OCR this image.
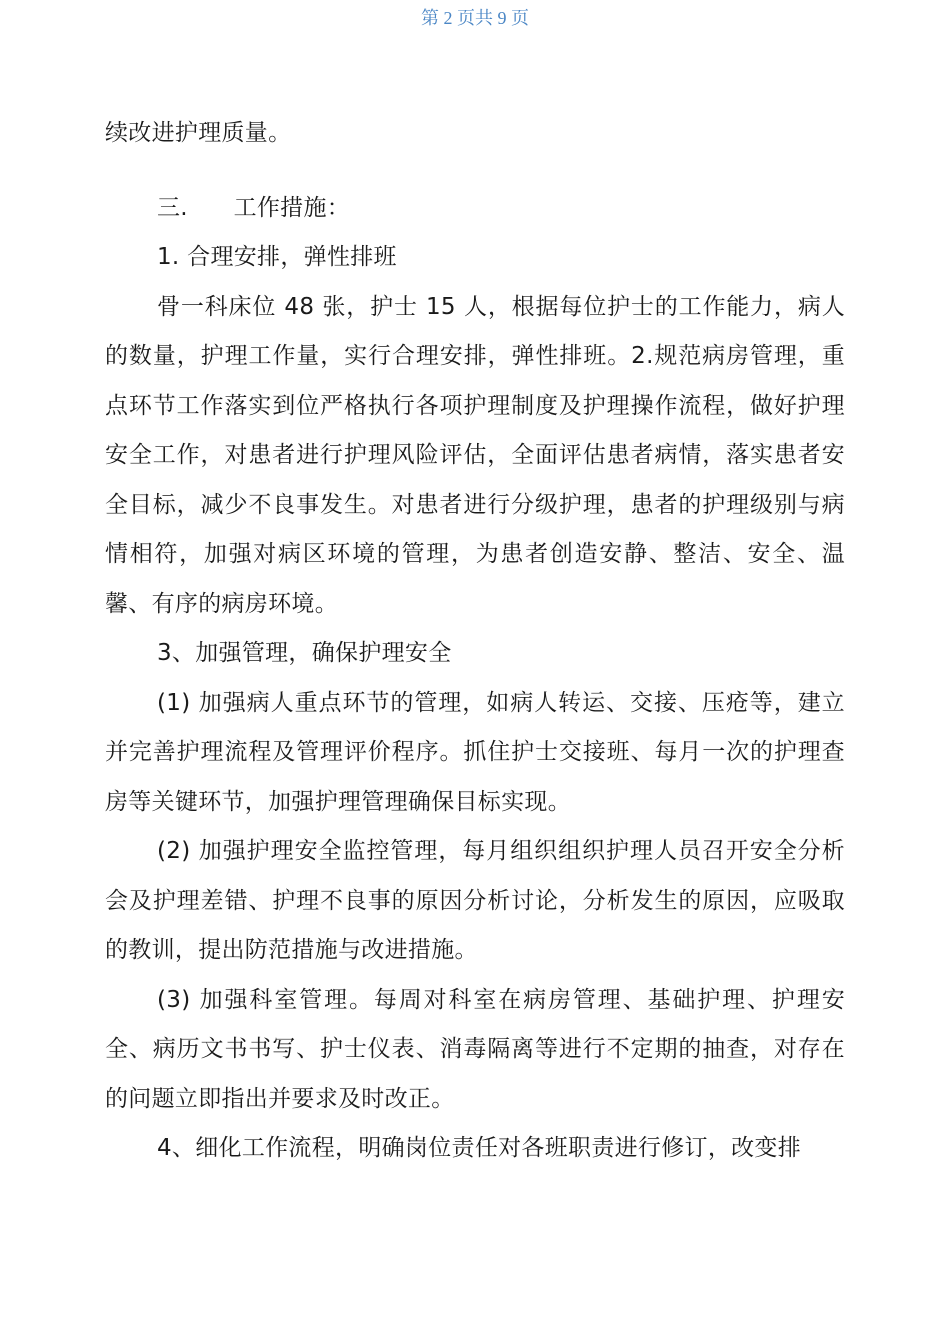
第 2 页共 9 页

续改进护理质量。

三.      工作措施：

1. 合理安排，弹性排班

骨一科床位 48 张，护士 15 人，根据每位护士的工作能力，病人的数量，护理工作量，实行合理安排，弹性排班。2.规范病房管理，重点环节工作落实到位严格执行各项护理制度及护理操作流程，做好护理安全工作，对患者进行护理风险评估，全面评估患者病情，落实患者安全目标，减少不良事发生。对患者进行分级护理，患者的护理级别与病情相符，加强对病区环境的管理，为患者创造安静、整洁、安全、温馨、有序的病房环境。

3、加强管理，确保护理安全

(1) 加强病人重点环节的管理，如病人转运、交接、压疮等，建立并完善护理流程及管理评价程序。抓住护士交接班、每月一次的护理查房等关键环节，加强护理管理确保目标实现。

(2) 加强护理安全监控管理，每月组织组织护理人员召开安全分析会及护理差错、护理不良事的原因分析讨论，分析发生的原因，应吸取的教训，提出防范措施与改进措施。

(3) 加强科室管理。每周对科室在病房管理、基础护理、护理安全、病历文书书写、护士仪表、消毒隔离等进行不定期的抽查，对存在的问题立即指出并要求及时改正。

4、细化工作流程，明确岗位责任对各班职责进行修订，改变排
